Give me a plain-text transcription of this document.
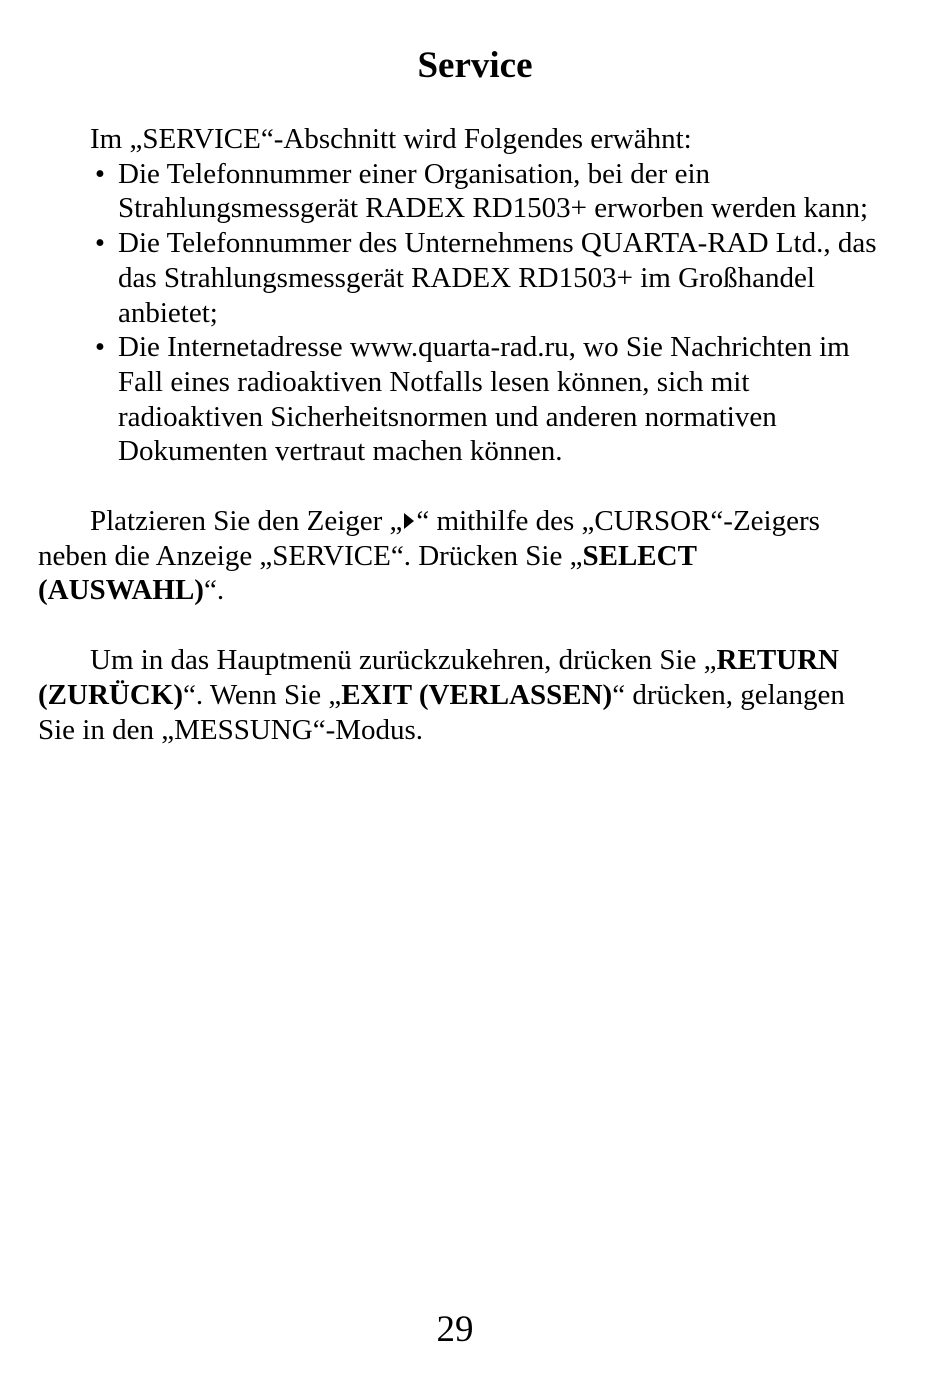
Service

Im „SERVICE“-Abschnitt wird Folgendes erwähnt:

• Die Telefonnummer einer Organisation, bei der ein Strahlungsmessgerät RADEX RD1503+ erworben werden kann;
• Die Telefonnummer des Unternehmens QUARTA-RAD Ltd., das das Strahlungsmessgerät RADEX RD1503+ im Großhandel anbietet;
• Die Internetadresse www.quarta-rad.ru, wo Sie Nachrichten im Fall eines radioaktiven Notfalls lesen können, sich mit radioaktiven Sicherheitsnormen und anderen normativen Dokumenten vertraut machen können.

Platzieren Sie den Zeiger „ “ mithilfe des „CURSOR“-Zeigers neben die Anzeige „SERVICE“. Drücken Sie „SELECT (AUSWAHL)“.

Um in das Hauptmenü zurückzukehren, drücken Sie „RETURN (ZURÜCK)“. Wenn Sie „EXIT (VERLASSEN)“ drücken, gelangen Sie in den „MESSUNG“-Modus.

29
